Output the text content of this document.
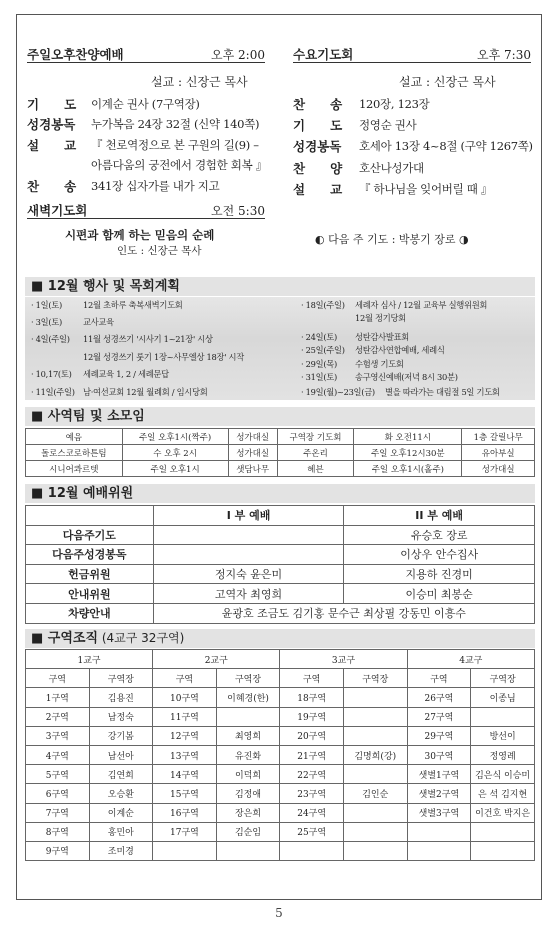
주일오후찬양예배	오후 2:00
설교 : 신장근 목사
기　　도 이계순 권사 (7구역장)
성경봉독 누가복음 24장 32절 (신약 140쪽)
설　　교 『 천로역정으로 본 구원의 길(9) –
아름다움의 궁전에서 경험한 회복 』
찬　　송 341장 십자가를 내가 지고
수요기도회	오후 7:30
설교 : 신장근 목사
찬　　송 120장, 123장
기　　도 정영순 권사
성경봉독 호세아 13장 4~8절 (구약 1267쪽)
찬　　양 호산나성가대
설　　교 『 하나님을 잊어버릴 때 』
새벽기도회	오전 5:30
시편과 함께 하는 믿음의 순례
인도 : 신장근 목사
◐ 다음 주 기도 : 박봉기 장로 ◑
■ 12월 행사 및 목회계획
· 1일(토)	12월 초하루 축복새벽기도회
· 3일(토)	교사교육
· 4일(주일) 11월 성경쓰기 '시사기 1~21장' 시상
12월 성경쓰기 룻기 1장~사무엘상 18장' 시작
· 10,17(토) 세례교육 1, 2 / 세례문답
· 11일(주일) 남·여선교회 12월 월례회 / 임시당회
· 18일(주일) 세례자 심사 / 12월 교육부 실행위원회
12월 정기당회
· 24일(토) 성탄감사발표회
· 25일(주일) 성탄감사연합예배, 세례식
· 29일(목) 수험생 기도회
· 31일(토) 송구영신예배(저녁 8시 30분)
· 19일(월)~23일(금) 별을 따라가는 대림절 5일 기도회
■ 사역팀 및 소모임
예음	주일 오후1시(짝주)	성가대실	구역장 기도회	화 오전11시	1층 갈릴나무
돌로스코로하튼팀	수 오후 2시	성가대실	주온리	주일 오후12시30분	유아부실
시니어콰르텟	주일 오후1시	샛담나무	헤븐	주일 오후1시(홀주)	성가대실
■ 12월 예배위원
	I 부 예배	II 부 예배
다음주기도		유승호 장로
다음주성경봉독		이상우 안수집사
헌금위원	정지숙 윤은미	지용하 진경미
안내위원	고역자 최영희	이승미 최봉순
차량안내	윤광호 조금도 김기홍 문수근 최상필 강동민 이흥수	
■ 구역조직 (4교구 32구역)
1교구		2교구		3교구		4교구	
구역	구역장	구역	구역장	구역	구역장	구역	구역장
1구역	김용진	10구역	이혜경(한)	18구역		26구역	이종님
2구역	남정숙	11구역		19구역		27구역	
3구역	강기봄	12구역	최영희	20구역		29구역	방선이
4구역	남선아	13구역	유진화	21구역	김명희(강)	30구역	정영례
5구역	김연희	14구역	이덕희	22구역		샛별1구역	김은식 이승미
6구역	오승환	15구역	김정애	23구역	김인순	샛별2구역	은 석 김지현
7구역	이계순	16구역	장은희	24구역		샛별3구역	이건호 박지은
8구역	홍민아	17구역	김순임	25구역			
9구역	조미경						
5
